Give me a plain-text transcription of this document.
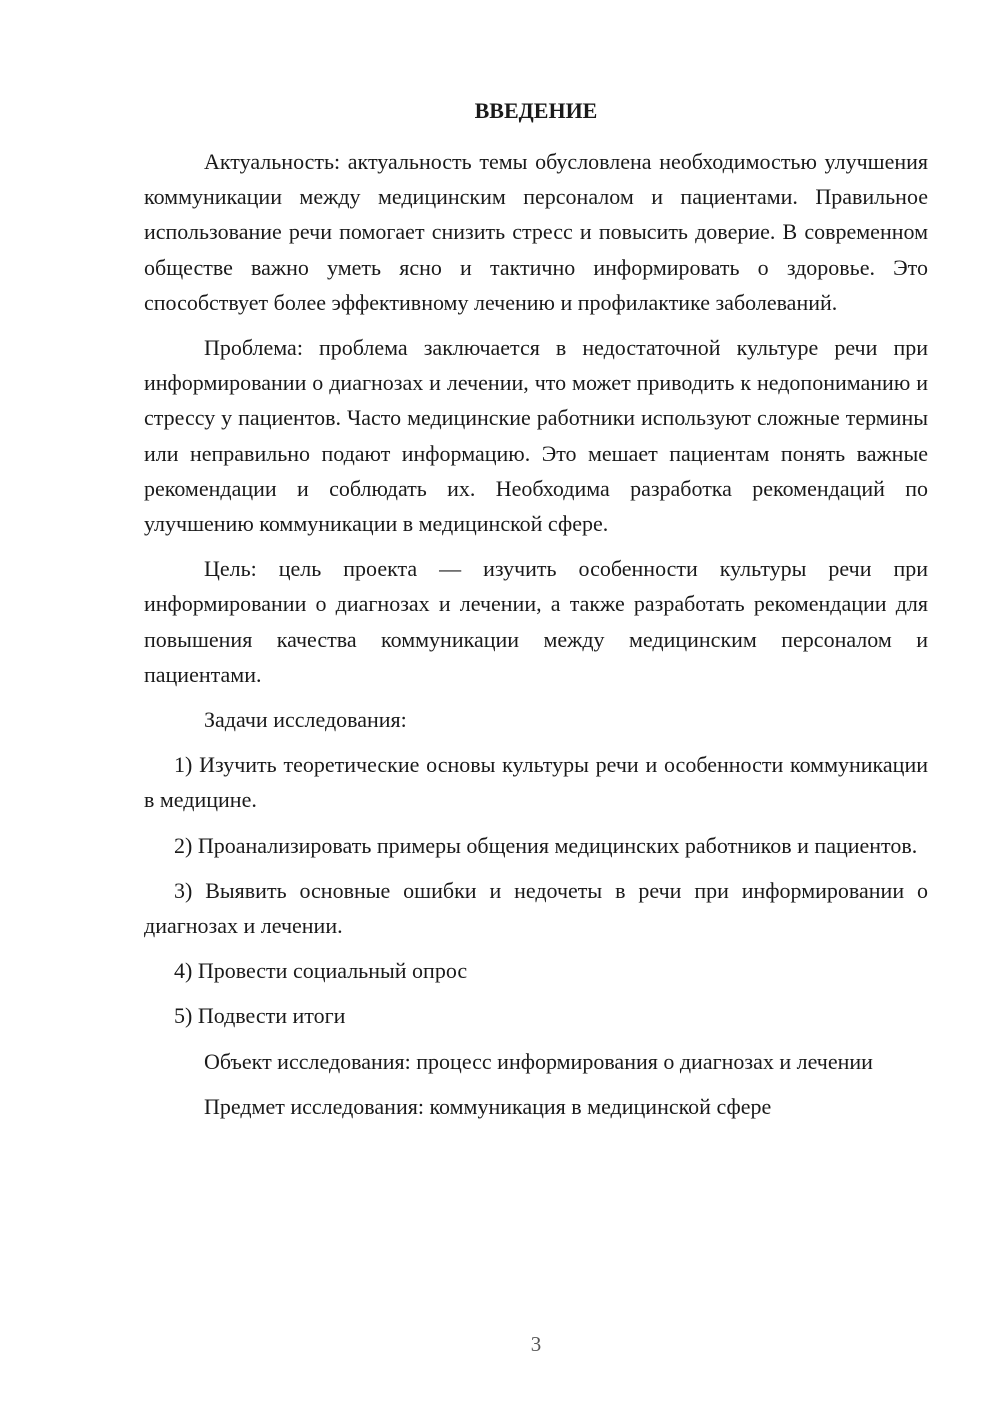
ВВЕДЕНИЕ

Актуальность: актуальность темы обусловлена необходимостью улучшения коммуникации между медицинским персоналом и пациентами. Правильное использование речи помогает снизить стресс и повысить доверие. В современном обществе важно уметь ясно и тактично информировать о здоровье. Это способствует более эффективному лечению и профилактике заболеваний.

Проблема: проблема заключается в недостаточной культуре речи при информировании о диагнозах и лечении, что может приводить к недопониманию и стрессу у пациентов. Часто медицинские работники используют сложные термины или неправильно подают информацию. Это мешает пациентам понять важные рекомендации и соблюдать их. Необходима разработка рекомендаций по улучшению коммуникации в медицинской сфере.

Цель: цель проекта — изучить особенности культуры речи при информировании о диагнозах и лечении, а также разработать рекомендации для повышения качества коммуникации между медицинским персоналом и пациентами.

Задачи исследования:

1) Изучить теоретические основы культуры речи и особенности коммуникации в медицине.

2) Проанализировать примеры общения медицинских работников и пациентов.

3) Выявить основные ошибки и недочеты в речи при информировании о диагнозах и лечении.

4) Провести социальный опрос

5) Подвести итоги

Объект исследования: процесс информирования о диагнозах и лечении

Предмет исследования: коммуникация в медицинской сфере

3
